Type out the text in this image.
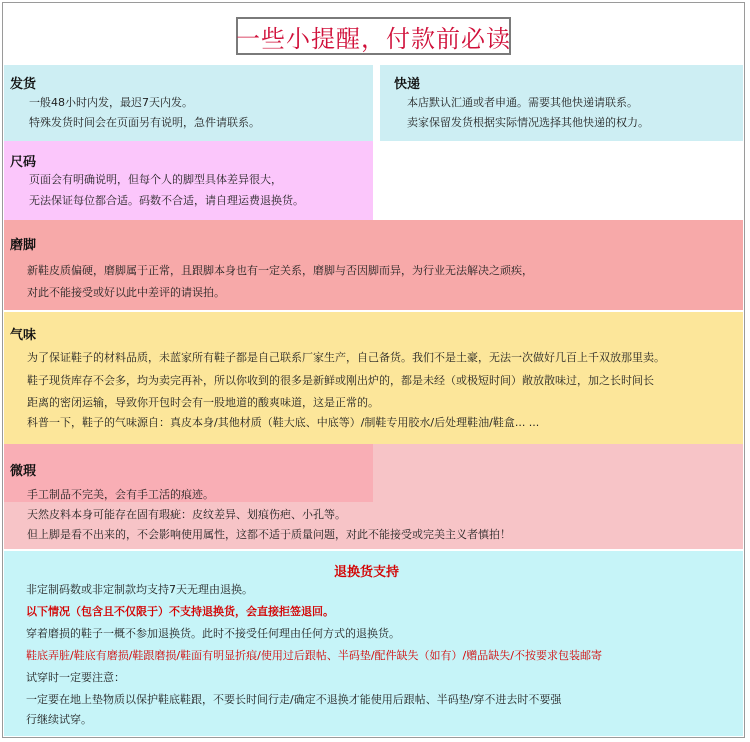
一些小提醒，付款前必读
发货
一般48小时内发，最迟7天内发。
特殊发货时间会在页面另有说明，急件请联系。
快递
本店默认汇通或者申通。需要其他快递请联系。
卖家保留发货根据实际情况选择其他快递的权力。
尺码
页面会有明确说明，但每个人的脚型具体差异很大，
无法保证每位都合适。码数不合适，请自理运费退换货。
磨脚
新鞋皮质偏硬，磨脚属于正常，且跟脚本身也有一定关系，磨脚与否因脚而异，为行业无法解决之顽疾，
对此不能接受或好以此中差评的请误拍。
气味
为了保证鞋子的材料品质，未蓝家所有鞋子都是自己联系厂家生产，自己备货。我们不是土豪，无法一次做好几百上千双放那里卖。
鞋子现货库存不会多，均为卖完再补，所以你收到的很多是新鲜或刚出炉的，都是未经（或极短时间）敞放散味过，加之长时间长
距离的密闭运输，导致你开包时会有一股地道的酸爽味道，这是正常的。
科普一下，鞋子的气味源自：真皮本身/其他材质（鞋大底、中底等）/制鞋专用胶水/后处理鞋油/鞋盒... ...
微瑕
手工制品不完美，会有手工活的痕迹。
天然皮料本身可能存在固有瑕疵：皮纹差异、划痕伤疤、小孔等。
但上脚是看不出来的，不会影响使用属性，这都不适于质量问题，对此不能接受或完美主义者慎拍！
退换货支持
非定制码数或非定制款均支持7天无理由退换。
以下情况（包含且不仅限于）不支持退换货，会直接拒签退回。
穿着磨损的鞋子一概不参加退换货。此时不接受任何理由任何方式的退换货。
鞋底弄脏/鞋底有磨损/鞋跟磨损/鞋面有明显折痕/使用过后跟帖、半码垫/配件缺失（如有）/赠品缺失/不按要求包装邮寄
试穿时一定要注意：
一定要在地上垫物质以保护鞋底鞋跟，不要长时间行走/确定不退换才能使用后跟帖、半码垫/穿不进去时不要强
行继续试穿。
